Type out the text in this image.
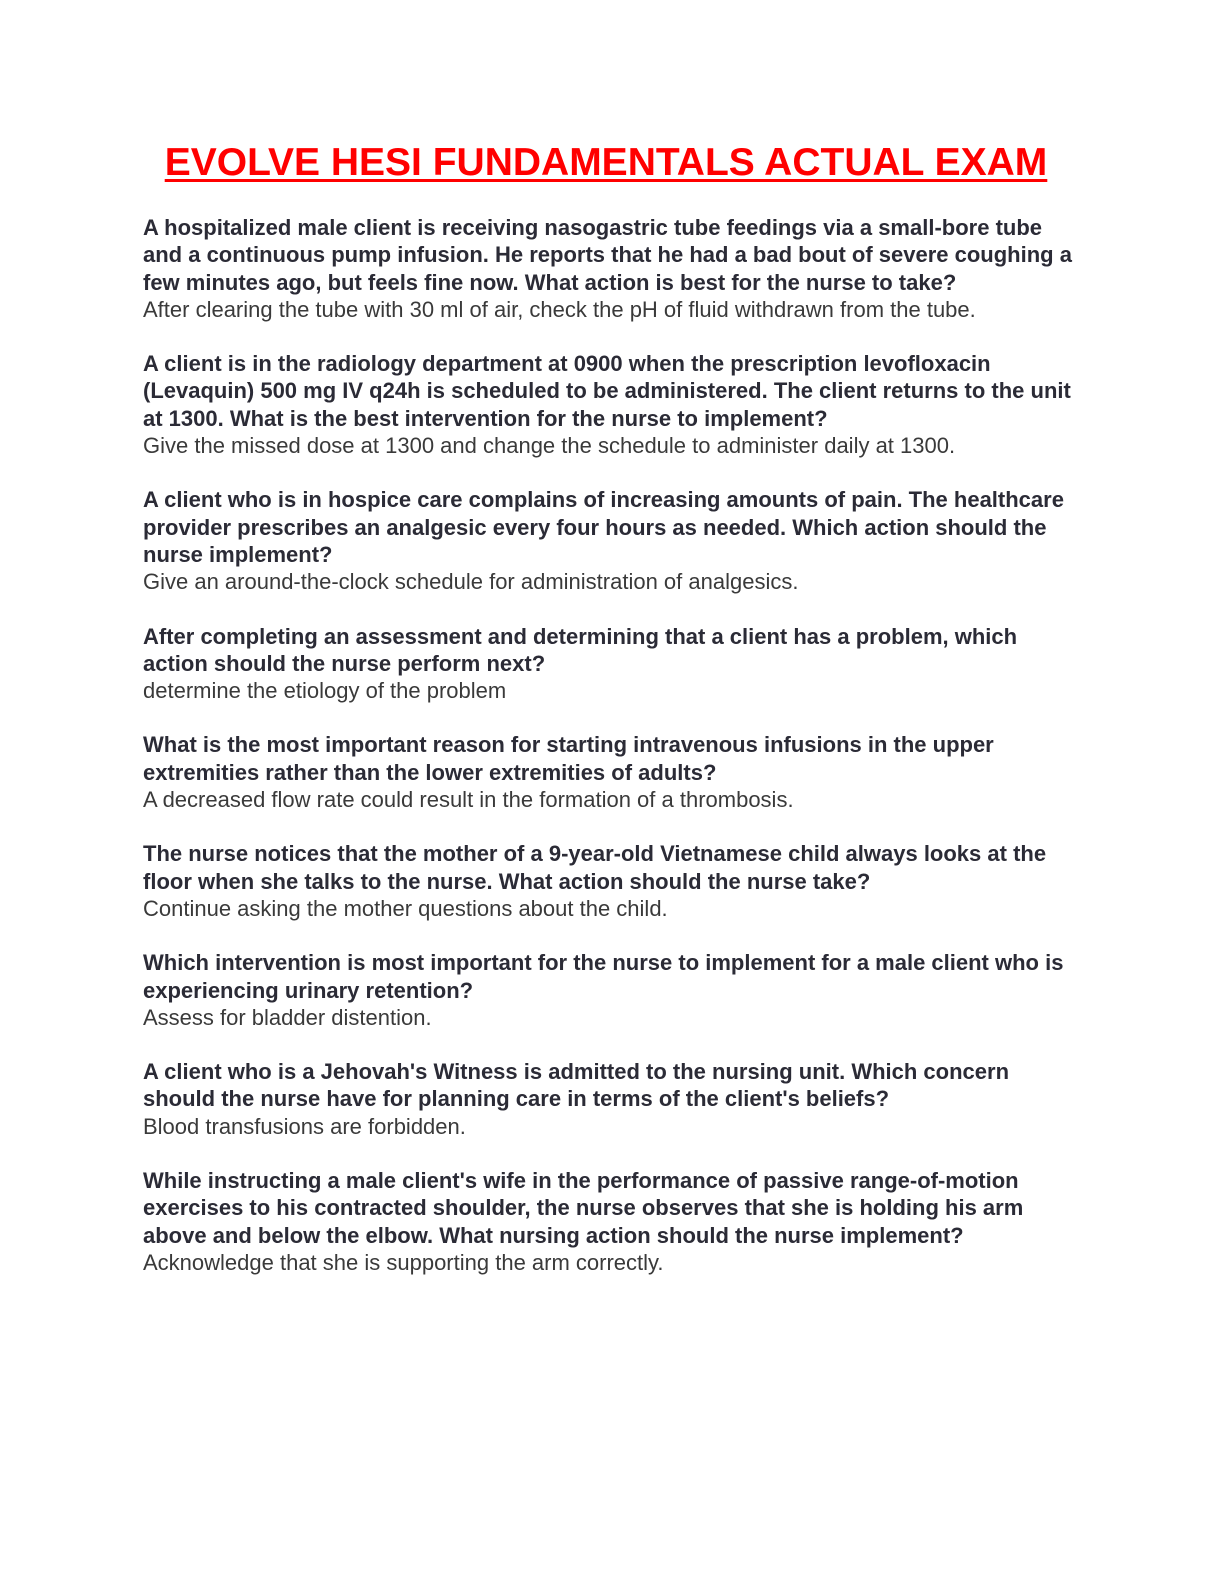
EVOLVE HESI FUNDAMENTALS ACTUAL EXAM

A hospitalized male client is receiving nasogastric tube feedings via a small-bore tube and a continuous pump infusion. He reports that he had a bad bout of severe coughing a few minutes ago, but feels fine now. What action is best for the nurse to take?

After clearing the tube with 30 ml of air, check the pH of fluid withdrawn from the tube.

A client is in the radiology department at 0900 when the prescription levofloxacin (Levaquin) 500 mg IV q24h is scheduled to be administered. The client returns to the unit at 1300. What is the best intervention for the nurse to implement?

Give the missed dose at 1300 and change the schedule to administer daily at 1300.

A client who is in hospice care complains of increasing amounts of pain. The healthcare provider prescribes an analgesic every four hours as needed. Which action should the nurse implement?

Give an around-the-clock schedule for administration of analgesics.

After completing an assessment and determining that a client has a problem, which action should the nurse perform next?

determine the etiology of the problem

What is the most important reason for starting intravenous infusions in the upper extremities rather than the lower extremities of adults?

A decreased flow rate could result in the formation of a thrombosis.

The nurse notices that the mother of a 9-year-old Vietnamese child always looks at the floor when she talks to the nurse. What action should the nurse take?

Continue asking the mother questions about the child.

Which intervention is most important for the nurse to implement for a male client who is experiencing urinary retention?

Assess for bladder distention.

A client who is a Jehovah's Witness is admitted to the nursing unit. Which concern should the nurse have for planning care in terms of the client's beliefs?

Blood transfusions are forbidden.

While instructing a male client's wife in the performance of passive range-of-motion exercises to his contracted shoulder, the nurse observes that she is holding his arm above and below the elbow. What nursing action should the nurse implement?

Acknowledge that she is supporting the arm correctly.
